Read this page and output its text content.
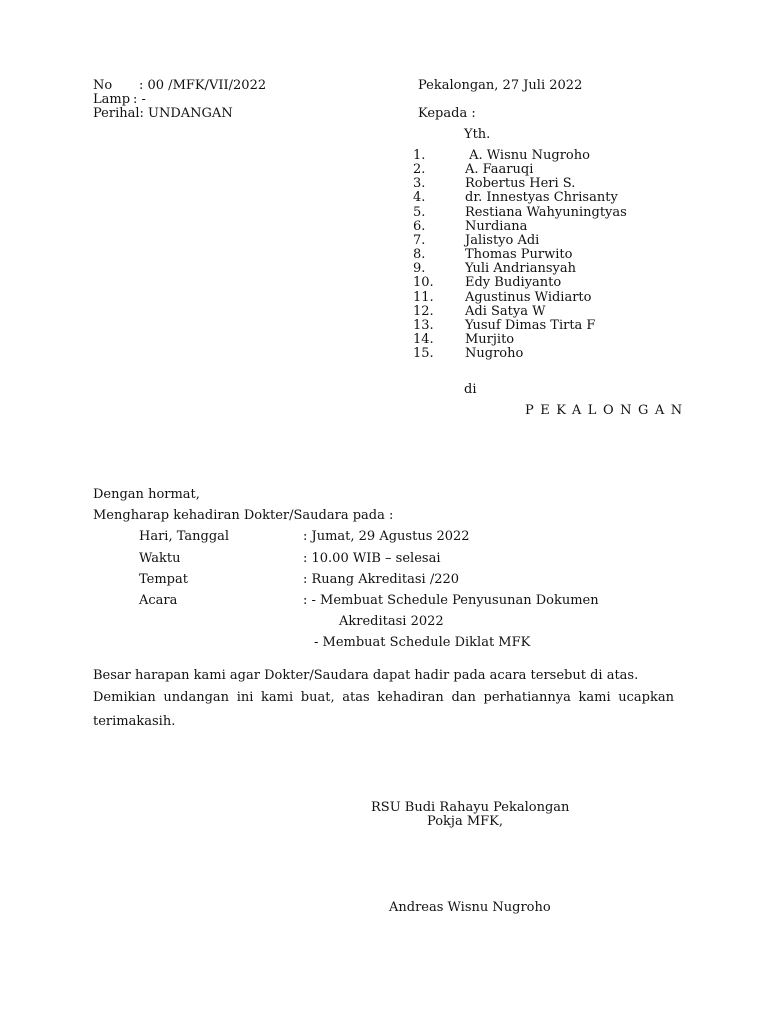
No : 00 /MFK/VII/2022
Lamp : -
Perihal: UNDANGAN
Pekalongan, 27 Juli 2022
Kepada :
Yth.
1.	A. Wisnu Nugroho
2.	A. Faaruqi
3.	Robertus Heri S.
4.	dr. Innestyas Chrisanty
5.	Restiana Wahyuningtyas
6.	Nurdiana
7.	Jalistyo Adi
8.	Thomas Purwito
9.	Yuli Andriansyah
10. Edy Budiyanto
11. Agustinus Widiarto
12. Adi Satya W
13. Yusuf Dimas Tirta F
14. Murjito
15. Nugroho
di
PEKALONGAN
Dengan hormat,
Mengharap kehadiran Dokter/Saudara pada :
Hari, Tanggal	: Jumat, 29 Agustus 2022
Waktu	: 10.00 WIB – selesai
Tempat	: Ruang Akreditasi /220
Acara	: - Membuat Schedule Penyusunan Dokumen
Akreditasi 2022
- Membuat Schedule Diklat MFK
Besar harapan kami agar Dokter/Saudara dapat hadir pada acara tersebut di atas.
Demikian undangan ini kami buat, atas kehadiran dan perhatiannya kami ucapkan terimakasih.
RSU Budi Rahayu Pekalongan
Pokja MFK,
Andreas Wisnu Nugroho
